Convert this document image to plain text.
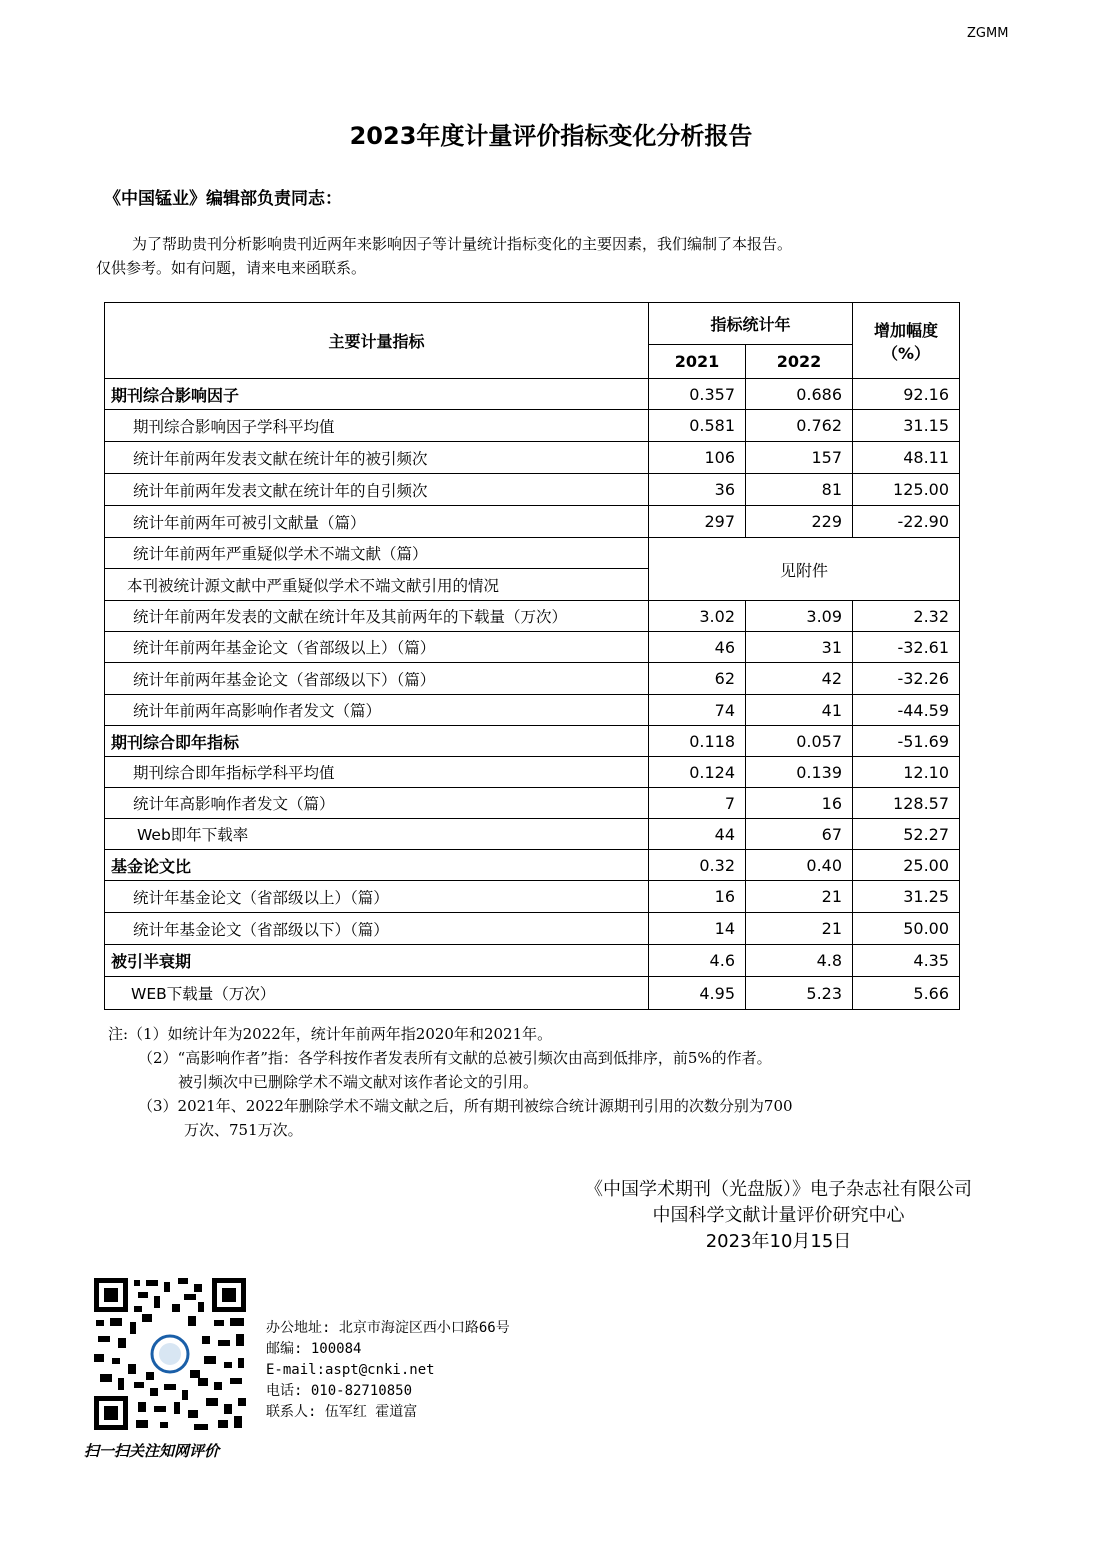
ZGMM
2023年度计量评价指标变化分析报告
《中国锰业》编辑部负责同志：
为了帮助贵刊分析影响贵刊近两年来影响因子等计量统计指标变化的主要因素，我们编制了本报告。
仅供参考。如有问题，请来电来函联系。
主要计量指标	指标统计年		增加幅度
（%）

	2021	2022	
期刊综合影响因子	0.357	0.686	92.16
期刊综合影响因子学科平均值	0.581	0.762	31.15
统计年前两年发表文献在统计年的被引频次	106	157	48.11
统计年前两年发表文献在统计年的自引频次	36	81	125.00
统计年前两年可被引文献量（篇）	297	229	-22.90
统计年前两年严重疑似学术不端文献（篇）	见附件		
本刊被统计源文献中严重疑似学术不端文献引用的情况			
统计年前两年发表的文献在统计年及其前两年的下载量（万次）	3.02	3.09	2.32
统计年前两年基金论文（省部级以上）（篇）	46	31	-32.61
统计年前两年基金论文（省部级以下）（篇）	62	42	-32.26
统计年前两年高影响作者发文（篇）	74	41	-44.59
期刊综合即年指标	0.118	0.057	-51.69
期刊综合即年指标学科平均值	0.124	0.139	12.10
统计年高影响作者发文（篇）	7	16	128.57
Web即年下载率	44	67	52.27
基金论文比	0.32	0.40	25.00
统计年基金论文（省部级以上）（篇）	16	21	31.25
统计年基金论文（省部级以下）（篇）	14	21	50.00
被引半衰期	4.6	4.8	4.35
WEB下载量（万次）	4.95	5.23	5.66
注:（1）如统计年为2022年，统计年前两年指2020年和2021年。
（2）“高影响作者”指：各学科按作者发表所有文献的总被引频次由高到低排序，前5%的作者。
被引频次中已删除学术不端文献对该作者论文的引用。
（3）2021年、2022年删除学术不端文献之后，所有期刊被综合统计源期刊引用的次数分别为700
万次、751万次。
《中国学术期刊（光盘版）》电子杂志社有限公司
中国科学文献计量评价研究中心
2023年10月15日
扫一扫关注知网评价
办公地址: 北京市海淀区西小口路66号
邮编: 100084
E-mail:aspt@cnki.net
电话: 010-82710850
联系人: 伍军红 霍道富
